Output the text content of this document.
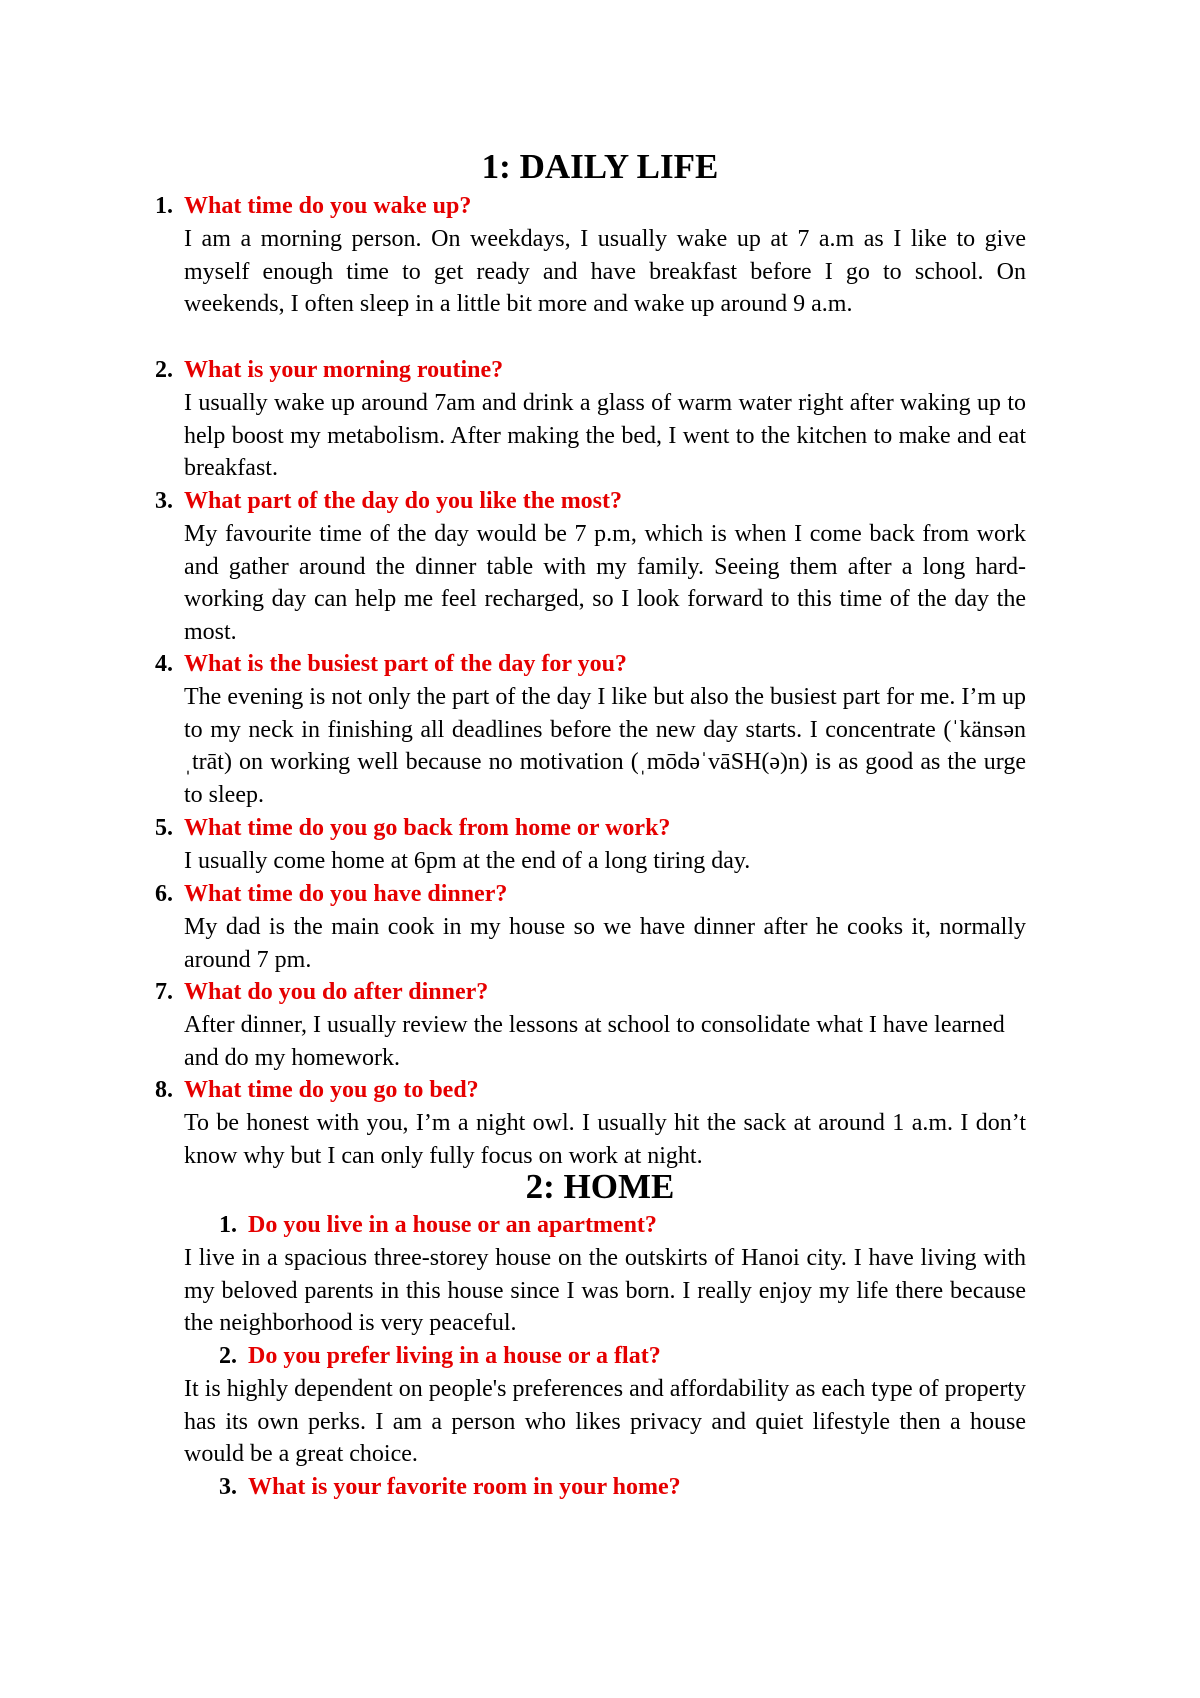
1: DAILY LIFE
1. What time do you wake up?

I am a morning person. On weekdays, I usually wake up at 7 a.m as I like to give myself enough time to get ready and have breakfast before I go to school. On weekends, I often sleep in a little bit more and wake up around 9 a.m.

2. What is your morning routine?

I usually wake up around 7am and drink a glass of warm water right after waking up to help boost my metabolism. After making the bed, I went to the kitchen to make and eat breakfast.

3. What part of the day do you like the most?

My favourite time of the day would be 7 p.m, which is when I come back from work and gather around the dinner table with my family. Seeing them after a long hard-working day can help me feel recharged, so I look forward to this time of the day the most.

4. What is the busiest part of the day for you?

The evening is not only the part of the day I like but also the busiest part for me. I’m up to my neck in finishing all deadlines before the new day starts. I concentrate (ˈkänsənˌtrāt) on working well because no motivation (ˌmōdəˈvāSH(ə)n) is as good as the urge to sleep.

5. What time do you go back from home or work?

I usually come home at 6pm at the end of a long tiring day.

6. What time do you have dinner?

My dad is the main cook in my house so we have dinner after he cooks it, normally around 7 pm.

7. What do you do after dinner?

After dinner, I usually review the lessons at school to consolidate what I have learned and do my homework.

8. What time do you go to bed?

To be honest with you, I’m a night owl. I usually hit the sack at around 1 a.m. I don’t know why but I can only fully focus on work at night.

2: HOME
1. Do you live in a house or an apartment?

I live in a spacious three-storey house on the outskirts of Hanoi city. I have living with my beloved parents in this house since I was born. I really enjoy my life there because the neighborhood is very peaceful.

2. Do you prefer living in a house or a flat?

It is highly dependent on people's preferences and affordability as each type of property has its own perks. I am a person who likes privacy and quiet lifestyle then a house would be a great choice.

3. What is your favorite room in your home?
